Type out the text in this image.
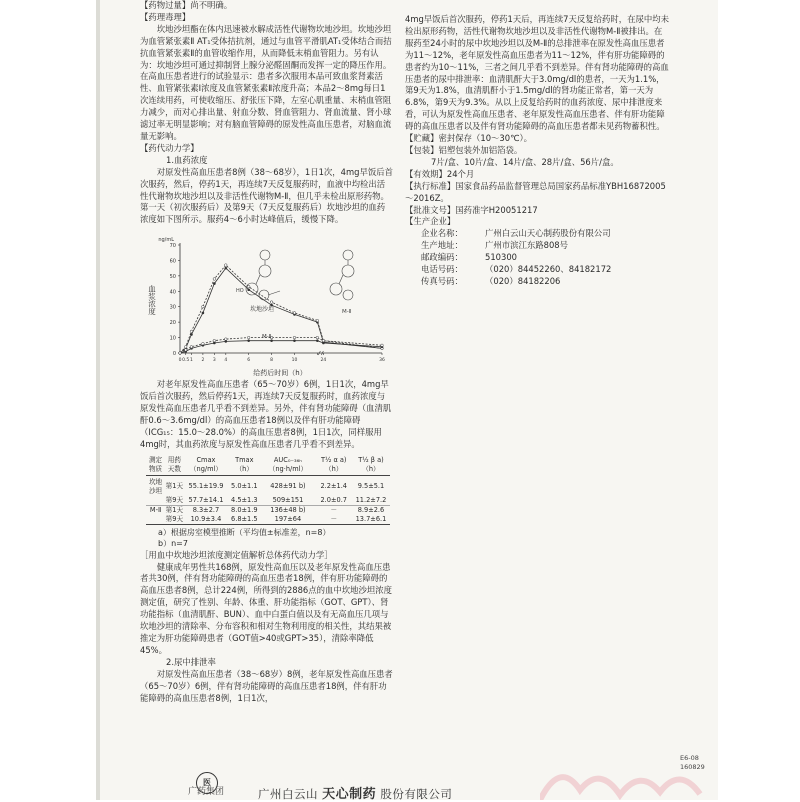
【药物过量】尚不明确。

【药理毒理】

坎地沙坦酯在体内迅速被水解成活性代谢物坎地沙坦。坎地沙坦为血管紧张素Ⅱ AT₁受体拮抗剂，通过与血管平滑肌AT₁受体结合而拮抗血管紧张素Ⅱ的血管收缩作用，从而降低末梢血管阻力。另有认为：坎地沙坦可通过抑制肾上腺分泌醛固酮而发挥一定的降压作用。在高血压患者进行的试验显示：患者多次服用本品可致血浆肾素活性、血管紧张素Ⅰ浓度及血管紧张素Ⅱ浓度升高；本品2～8mg每日1次连续用药，可使收缩压、舒张压下降，左室心肌重量、末梢血管阻力减少，而对心排出量、射血分数、肾血管阻力、肾血流量、肾小球滤过率无明显影响；对有脑血管障碍的原发性高血压患者，对脑血流量无影响。

【药代动力学】

1.血药浓度

对原发性高血压患者8例（38～68岁），1日1次，4mg早饭后首次服药，然后，停药1天，再连续7天反复服药时，血液中均检出活性代谢物坎地沙坦以及非活性代谢物M-Ⅱ，但几乎未检出原形药物。第一天（初次服药后）及第9天（7天反复服药后）坎地沙坦的血药浓度如下图所示。服药4～6小时达峰值后，缓慢下降。

0
10
20
30
40
50
60
70
0 0.5 1 2 3 4	6	8	10	24	36
ng/mL
血浆浓度
给药后时间（h）
坎地沙坦
M-Ⅱ
HO
M-Ⅱ

对老年原发性高血压患者（65～70岁）6例，1日1次，4mg早饭后首次服药，然后停药1天，再连续7天反复服药时，血药浓度与原发性高血压患者几乎看不到差异。另外，伴有肾功能障碍（血清肌酐0.6～3.6mg/dl）的高血压患者18例以及伴有肝功能障碍（ICG₁₅：15.0～28.0%）的高血压患者8例，1日1次，同样服用4mg时，其血药浓度与原发性高血压患者几乎看不到差异。

测定物质	用药天数	Cmax（ng/ml）	Tmax（h）	AUC₀₋₃₆ₕ（ng·h/ml）	T½ α a)（h）	T½ β a)（h）
坎地沙坦	第1天	55.1±19.9	5.0±1.1	428±91 b)	2.2±1.4	9.5±5.1
	第9天	57.7±14.1	4.5±1.3	509±151	2.0±0.7	11.2±7.2
M-Ⅱ	第1天	8.3±2.7	8.0±1.9	136±48 b)	－	8.9±2.6
	第9天	10.9±3.4	6.8±1.5	197±64	－	13.7±6.1

a）根据房室模型推断（平均值±标准差，n=8）

b）n=7

［用血中坎地沙坦浓度测定值解析总体药代动力学］

健康成年男性共168例，原发性高血压以及老年原发性高血压患者共30例，伴有肾功能障碍的高血压患者18例，伴有肝功能障碍的高血压患者8例，总计224例，所得到的2886点的血中坎地沙坦浓度测定值，研究了性别、年龄、体重、肝功能指标（GOT、GPT）、肾功能指标（血清肌酐、BUN）、血中白蛋白值以及有无高血压几项与坎地沙坦的清除率、分布容积和相对生物利用度的相关性，其结果被推定为肝功能障碍患者（GOT值>40或GPT>35），清除率降低45%。

2.尿中排泄率

对原发性高血压患者（38～68岁）8例，老年原发性高血压患者（65～70岁）6例，伴有肾功能障碍的高血压患者18例，伴有肝功能障碍的高血压患者8例，1日1次，

4mg早饭后首次服药，停药1天后，再连续7天反复给药时，在尿中均未检出原形药物，活性代谢物坎地沙坦以及非活性代谢物M-Ⅱ被排出。在服药至24小时的尿中坎地沙坦以及M-Ⅱ的总排泄率在原发性高血压患者为11～12%，老年原发性高血压患者为11～12%，伴有肝功能障碍的患者约为10～11%，三者之间几乎看不到差异。伴有肾功能障碍的高血压患者的尿中排泄率：血清肌酐大于3.0mg/dl的患者，一天为1.1%，第9天为1.8%，血清肌酐小于1.5mg/dl的肾功能正常者，第一天为6.8%，第9天为9.3%。从以上反复给药时的血药浓度、尿中排泄度来看，可认为原发性高血压患者、老年原发性高血压患者、伴有肝功能障碍的高血压患者以及伴有肾功能障碍的高血压患者都未见药物蓄积性。

【贮藏】密封保存（10～30℃）。

【包装】铝塑包装外加铝箔袋。

7片/盒、10片/盒、14片/盒、28片/盒、56片/盒。

【有效期】24个月

【执行标准】国家食品药品监督管理总局国家药品标准YBH16872005～2016Z。

【批准文号】国药准字H20051217

【生产企业】

企业名称：	广州白云山天心制药股份有限公司

生产地址：	广州市滨江东路808号

邮政编码：	510300

电话号码：	（020）84452260、84182172

传真号码：	（020）84182206

E6-08
160829
医
广药集团	广州白云山 天心制药 股份有限公司
